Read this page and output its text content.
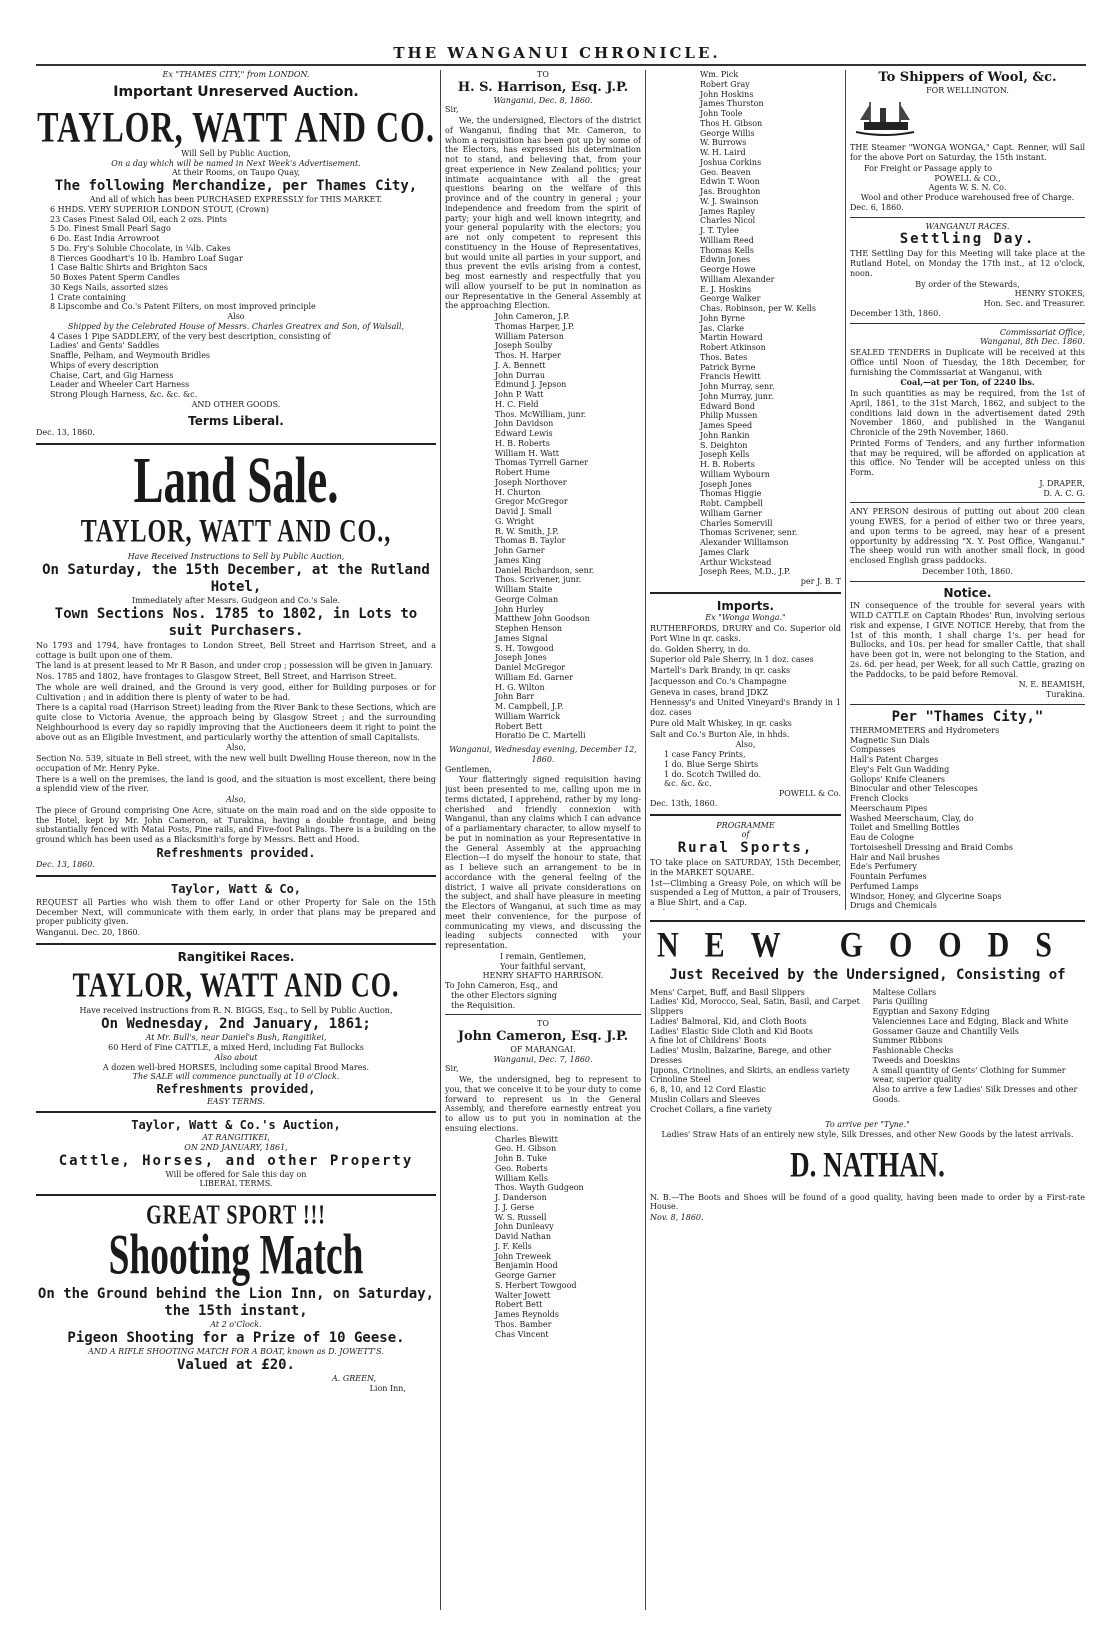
THE WANGANUI CHRONICLE.
Ex "THAMES CITY," from LONDON.
Important Unreserved Auction.
TAYLOR, WATT AND CO.
Will Sell by Public Auction,
On a day which will be named in Next Week's Advertisement.
At their Rooms, on Taupo Quay,
The following Merchandize, per Thames City,
And all of which has been PURCHASED EXPRESSLY for THIS MARKET.
6 HHDS. VERY SUPERIOR LONDON STOUT, (Crown)
23 Cases Finest Salad Oil, each 2 ozs. Pints
5 Do. Finest Small Pearl Sago
6 Do. East India Arrowroot
5 Do. Fry's Soluble Chocolate, in ¼lb. Cakes
8 Tierces Goodhart's 10 lb. Hambro Loaf Sugar
1 Case Baltic Shirts and Brighton Sacs
50 Boxes Patent Sperm Candles
30 Kegs Nails, assorted sizes
1 Crate containing
8 Lipscombe and Co.'s Patent Filters, on most improved principle
Also
Shipped by the Celebrated House of Messrs. Charles Greatrex and Son, of Walsall,
4 Cases 1 Pipe SADDLERY, of the very best description, consisting of
Ladies' and Gents' Saddles
Snaffle, Pelham, and Weymouth Bridles
Whips of every description
Chaise, Cart, and Gig Harness
Leader and Wheeler Cart Harness
Strong Plough Harness, &c. &c. &c.
AND OTHER GOODS.
Terms Liberal.
Dec. 13, 1860.
Land Sale.
TAYLOR, WATT AND CO.,
Have Received Instructions to Sell by Public Auction,
On Saturday, the 15th December, at the Rutland Hotel,
Immediately after Messrs. Gudgeon and Co.'s Sale.
Town Sections Nos. 1785 to 1802, in Lots to suit Purchasers.
No 1793 and 1794, have frontages to London Street, Bell Street and Harrison Street, and a cottage is built upon one of them.
The land is at present leased to Mr R Bason, and under crop ; possession will be given in January.
Nos. 1785 and 1802, have frontages to Glasgow Street, Bell Street, and Harrison Street.
The whole are well drained, and the Ground is very good, either for Building purposes or for Cultivation ; and in addition there is plenty of water to be had.
There is a capital road (Harrison Street) leading from the River Bank to these Sections, which are quite close to Victoria Avenue, the approach being by Glasgow Street ; and the surrounding Neighbourhood is every day so rapidly improving that the Auctioneers deem it right to point the above out as an Eligible Investment, and particularly worthy the attention of small Capitalists.
Also,
Section No. 539, situate in Bell street, with the new well built Dwelling House thereon, now in the occupation of Mr. Henry Pyke.
There is a well on the premises, the land is good, and the situation is most excellent, there being a splendid view of the river.
Also,
The piece of Ground comprising One Acre, situate on the main road and on the side opposite to the Hotel, kept by Mr. John Cameron, at Turakina, having a double frontage, and being substantially fenced with Matai Posts, Pine rails, and Five-foot Palings. There is a building on the ground which has been used as a Blacksmith's forge by Messrs. Bett and Hood.
Refreshments provided.
Dec. 13, 1860.
Taylor, Watt & Co,
REQUEST all Parties who wish them to offer Land or other Property for Sale on the 15th December Next, will communicate with them early, in order that plans may be prepared and proper publicity given.
Wanganui. Dec. 20, 1860.
Rangitikei Races.
TAYLOR, WATT AND CO.
Have received instructions from R. N. BIGGS, Esq., to Sell by Public Auction,
On Wednesday, 2nd January, 1861;
At Mr. Bull's, near Daniel's Bush, Rangitikei,
60 Herd of Fine CATTLE, a mixed Herd, including Fat Bullocks
Also about
A dozen well-bred HORSES, including some capital Brood Mares.
The SALE will commence punctually at 10 o'Clock.
Refreshments provided,
EASY TERMS.
Taylor, Watt & Co.'s Auction,
AT RANGITIKEI,
ON 2ND JANUARY, 1861,
Cattle, Horses, and other Property
Will be offered for Sale this day on
LIBERAL TERMS.
GREAT SPORT !!!
Shooting Match
On the Ground behind the Lion Inn, on Saturday, the 15th instant,
At 2 o'Clock.
Pigeon Shooting for a Prize of 10 Geese.
AND A RIFLE SHOOTING MATCH FOR A BOAT, known as D. JOWETT'S.
Valued at £20.
A. GREEN,
Lion Inn,
TO
H. S. Harrison, Esq. J.P.
Wanganui, Dec. 8, 1860.
Sir,
We, the undersigned, Electors of the district of Wanganui, finding that Mr. Cameron, to whom a requisition has been got up by some of the Electors, has expressed his determination not to stand, and believing that, from your great experience in New Zealand politics; your intimate acquaintance with all the great questions bearing on the welfare of this province and of the country in general ; your independence and freedom from the spirit of party; your high and well known integrity, and your general popularity with the electors; you are not only competent to represent this constituency in the House of Representatives, but would unite all parties in your support, and thus prevent the evils arising from a contest, beg most earnestly and respectfully that you will allow yourself to be put in nomination as our Representative in the General Assembly at the approaching Election.
John Cameron, J.P.
Thomas Harper, J.P.
William Paterson
Joseph Soulby
Thos. H. Harper
J. A. Bennett
John Durrau
Edmund J. Jepson
John P. Watt
H. C. Field
Thos. McWilliam, junr.
John Davidson
Edward Lewis
H. B. Roberts
William H. Watt
Thomas Tyrrell Garner
Robert Hume
Joseph Northover
H. Churton
Gregor McGregor
David J. Small
G. Wright
R. W. Smith, J.P.
Thomas B. Taylor
John Garner
James King
Daniel Richardson, senr.
Thos. Scrivener, junr.
William Staite
George Colman
John Hurley
Matthew John Goodson
Stephen Henson
James Signal
S. H. Towgood
Joseph Jones
Daniel McGregor
William Ed. Garner
H. G. Wilton
John Barr
M. Campbell, J.P.
William Warrick
Robert Bett
Horatio De C. Martelli
Wanganui, Wednesday evening, December 12, 1860.
Gentlemen,
Your flatteringly signed requisition having just been presented to me, calling upon me in terms dictated, I apprehend, rather by my long-cherished and friendly connexion with Wanganui, than any claims which I can advance of a parliamentary character, to allow myself to be put in nomination as your Representative in the General Assembly at the approaching Election—I do myself the honour to state, that as I believe such an arrangement to be in accordance with the general feeling of the district, I waive all private considerations on the subject, and shall have pleasure in meeting the Electors of Wanganui, at such time as may meet their convenience, for the purpose of communicating my views, and discussing the leading subjects connected with your representation.
I remain, Gentlemen,
Your faithful servant,
HENRY SHAFTO HARRISON.
To John Cameron, Esq., and
the other Electors signing
the Requisition.
TO
John Cameron, Esq. J.P.
OF MARANGAI.
Wanganui, Dec. 7, 1860.
Sir,
We, the undersigned, beg to represent to you, that we conceive it to be your duty to come forward to represent us in the General Assembly, and therefore earnestly entreat you to allow us to put you in nomination at the ensuing elections.
Charles Blewitt
Geo. H. Gibson
John B. Tuke
Geo. Roberts
William Kells
Thos. Wayth Gudgeon
J. Danderson
J. J. Gerse
W. S. Russell
John Dunleavy
David Nathan
J. F. Kells
John Treweek
Benjamin Hood
George Garner
S. Herbert Towgood
Walter Jowett
Robert Bett
James Reynolds
Thos. Bamber
Chas Vincent
Wm. Pick
Robert Gray
John Hoskins
James Thurston
John Toole
Thos H. Gibson
George Willis
W. Burrows
W. H. Laird
Joshua Corkins
Geo. Beaven
Edwin T. Woon
Jas. Broughton
W. J. Swainson
James Rapley
Charles Nicol
J. T. Tylee
William Reed
Thomas Kells
Edwin Jones
George Howe
William Alexander
E. J. Hoskins
George Walker
Chas. Robinson, per W. Kells
John Byrne
Jas. Clarke
Martin Howard
Robert Atkinson
Thos. Bates
Patrick Byrne
Francis Hewitt
John Murray, senr.
John Murray, junr.
Edward Bond
Philip Mussen
James Speed
John Rankin
S. Deighton
Joseph Kells
H. B. Roberts
William Wybourn
Joseph Jones
Thomas Higgie
Robt. Campbell
William Garner
Charles Somervill
Thomas Scrivener, senr.
Alexander Williamson
James Clark
Arthur Wickstead
Joseph Rees, M.D., J.P.
per J. B. T
Imports.
Ex "Wonga Wonga."
RUTHERFORDS, DRURY and Co. Superior old Port Wine in qr. casks.
do. Golden Sherry, in do.
Superior old Pale Sherry, in 1 doz. cases
Martell's Dark Brandy, in qr. casks
Jacquesson and Co.'s Champagne
Geneva in cases, brand JDKZ
Hennessy's and United Vineyard's Brandy in 1 doz. cases
Pure old Malt Whiskey, in qr. casks
Salt and Co.'s Burton Ale, in hhds.
Also,
1 case Fancy Prints,
1 do. Blue Serge Shirts
1 do. Scotch Twilled do.
&c. &c. &c.
POWELL & Co.
Dec. 13th, 1860.
PROGRAMME
of
Rural Sports,
TO take place on SATURDAY, 15th December, in the MARKET SQUARE.
1st—Climbing a Greasy Pole, on which will be suspended a Leg of Mutton, a pair of Trousers, a Blue Shirt, and a Cap.
To Shippers of Wool, &c.
FOR WELLINGTON.
THE Steamer "WONGA WONGA," Capt. Renner, will Sail for the above Port on Saturday, the 15th instant.
For Freight or Passage apply to
POWELL & CO.,
Agents W. S. N. Co.
Wool and other Produce warehoused free of Charge.
Dec. 6, 1860.
WANGANUI RACES.
Settling Day.
THE Settling Day for this Meeting will take place at the Rutland Hotel, on Monday the 17th inst., at 12 o'clock, noon.
By order of the Stewards,
HENRY STOKES,
Hon. Sec. and Treasurer.
December 13th, 1860.
Commissariat Office,
Wanganui, 8th Dec. 1860.
SEALED TENDERS in Duplicate will be received at this Office until Noon of Tuesday, the 18th December, for furnishing the Commissariat at Wanganui, with
Coal,—at per Ton, of 2240 lbs.
In such quantities as may be required, from the 1st of April, 1861, to the 31st March, 1862, and subject to the conditions laid down in the advertisement dated 29th November 1860, and published in the Wanganui Chronicle of the 29th November, 1860.
Printed Forms of Tenders, and any further information that may be required, will be afforded on application at this office. No Tender will be accepted unless on this Form.
J. DRAPER,
D. A. C. G.
ANY PERSON desirous of putting out about 200 clean young EWES, for a period of either two or three years, and upon terms to be agreed, may hear of a present opportunity by addressing "X. Y. Post Office, Wanganui." The sheep would run with another small flock, in good enclosed English grass paddocks.
December 10th, 1860.
Notice.
IN consequence of the trouble for several years with WILD CATTLE on Captain Rhodes' Run, involving serious risk and expense, I GIVE NOTICE Hereby, that from the 1st of this month, I shall charge 1's. per head for Bullocks, and 10s. per head for smaller Cattle, that shall have been got in, were not belonging to the Station, and 2s. 6d. per head, per Week, for all such Cattle, grazing on the Paddocks, to be paid before Removal.
N. E. BEAMISH,
Turakina.
Per "Thames City,"
THERMOMETERS and Hydrometers
Magnetic Sun Dials
Compasses
Hall's Patent Charges
Eley's Felt Gun Wadding
Gollops' Knife Cleaners
Binocular and other Telescopes
French Clocks
Meerschaum Pipes
Washed Meerschaum, Clay, do
Toilet and Smelling Bottles
Eau de Cologne
Tortoiseshell Dressing and Braid Combs
Hair and Nail brushes
Ede's Perfumery
Fountain Perfumes
Perfumed Lamps
Windsor, Honey, and Glycerine Soaps
Drugs and Chemicals
NEW GOODS
Just Received by the Undersigned, Consisting of
Mens' Carpet, Buff, and Basil Slippers
Ladies' Kid, Morocco, Seal, Satin, Basil, and Carpet Slippers
Ladies' Balmoral, Kid, and Cloth Boots
Ladies' Elastic Side Cloth and Kid Boots
A fine lot of Childrens' Boots
Ladies' Muslin, Balzarine, Barege, and other Dresses
Jupons, Crinolines, and Skirts, an endless variety
Crinoline Steel
6, 8, 10, and 12 Cord Elastic
Muslin Collars and Sleeves
Crochet Collars, a fine variety
Maltese Collars
Paris Quilling
Egyptian and Saxony Edging
Valenciennes Lace and Edging, Black and White
Gossamer Gauze and Chantilly Veils
Summer Ribbons
Fashionable Checks
Tweeds and Doeskins
A small quantity of Gents' Clothing for Summer wear, superior quality
Also to arrive a few Ladies' Silk Dresses and other Goods.
To arrive per "Tyne."
Ladies' Straw Hats of an entirely new style, Silk Dresses, and other New Goods by the latest arrivals.
D. NATHAN.
N. B.—The Boots and Shoes will be found of a good quality, having been made to order by a First-rate House.
Nov. 8, 1860.
